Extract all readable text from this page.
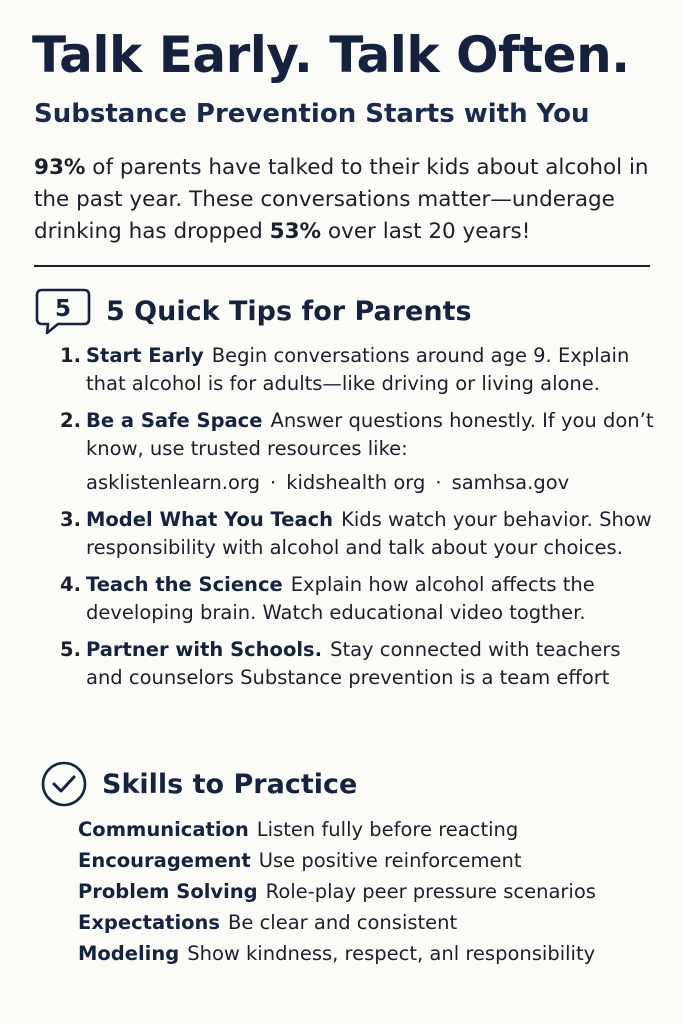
Talk Early. Talk Often.
Substance Prevention Starts with You

93% of parents have talked to their kids about alcohol in the past year. These conversations matter—underage drinking has dropped 53% over last 20 years!

5 5 Quick Tips for Parents
1. Start Early Begin conversations around age 9. Explain that alcohol is for adults—like driving or living alone.
2. Be a Safe Space Answer questions honestly. If you don’t know, use trusted resources like:
asklistenlearn.org · kidshealth org · samhsa.gov
3. Model What You Teach Kids watch your behavior. Show responsibility with alcohol and talk about your choices.
4. Teach the Science Explain how alcohol affects the developing brain. Watch educational video togther.
5. Partner with Schools. Stay connected with teachers and counselors Substance prevention is a team effort
Skills to Practice
Communication Listen fully before reacting
Encouragement Use positive reinforcement
Problem Solving Role-play peer pressure scenarios
Expectations Be clear and consistent
Modeling Show kindness, respect, anl responsibility
